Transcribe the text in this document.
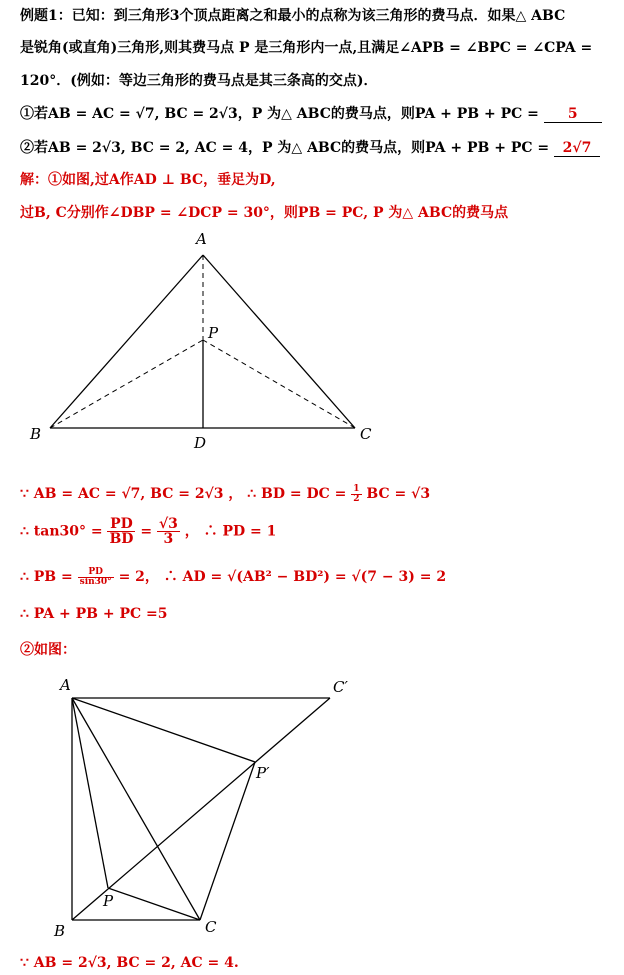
例题1：已知：到三角形3个顶点距离之和最小的点称为该三角形的费马点．如果△ ABC
是锐角(或直角)三角形,则其费马点 P 是三角形内一点,且满足∠APB = ∠BPC = ∠CPA =
120°．(例如：等边三角形的费马点是其三条高的交点)．
①若AB = AC = √7, BC = 2√3，P 为△ ABC的费马点，则PA + PB + PC = 5
②若AB = 2√3, BC = 2, AC = 4，P 为△ ABC的费马点，则PA + PB + PC = 2√7
解：①如图,过A作AD ⊥ BC，垂足为D,
过B, C分别作∠DBP = ∠DCP = 30°，则PB = PC, P 为△ ABC的费马点
A
P
B	C
D
∵ AB = AC = √7, BC = 2√3 ， ∴ BD = DC = $\frac{1}{2}$ BC = √3
∴ $\tan 30^\circ = \frac{PD}{BD} = \frac{√3}{3}$ ， ∴ PD = 1
∴ PB = $\frac{PD}{\sin 30^\circ} = 2$， ∴ AD = √(AB² − BD²) = √(7 − 3) = 2
∴ PA + PB + PC =5
②如图：
A	C′
P′
P
B	C
∵ AB = 2√3, BC = 2, AC = 4.
